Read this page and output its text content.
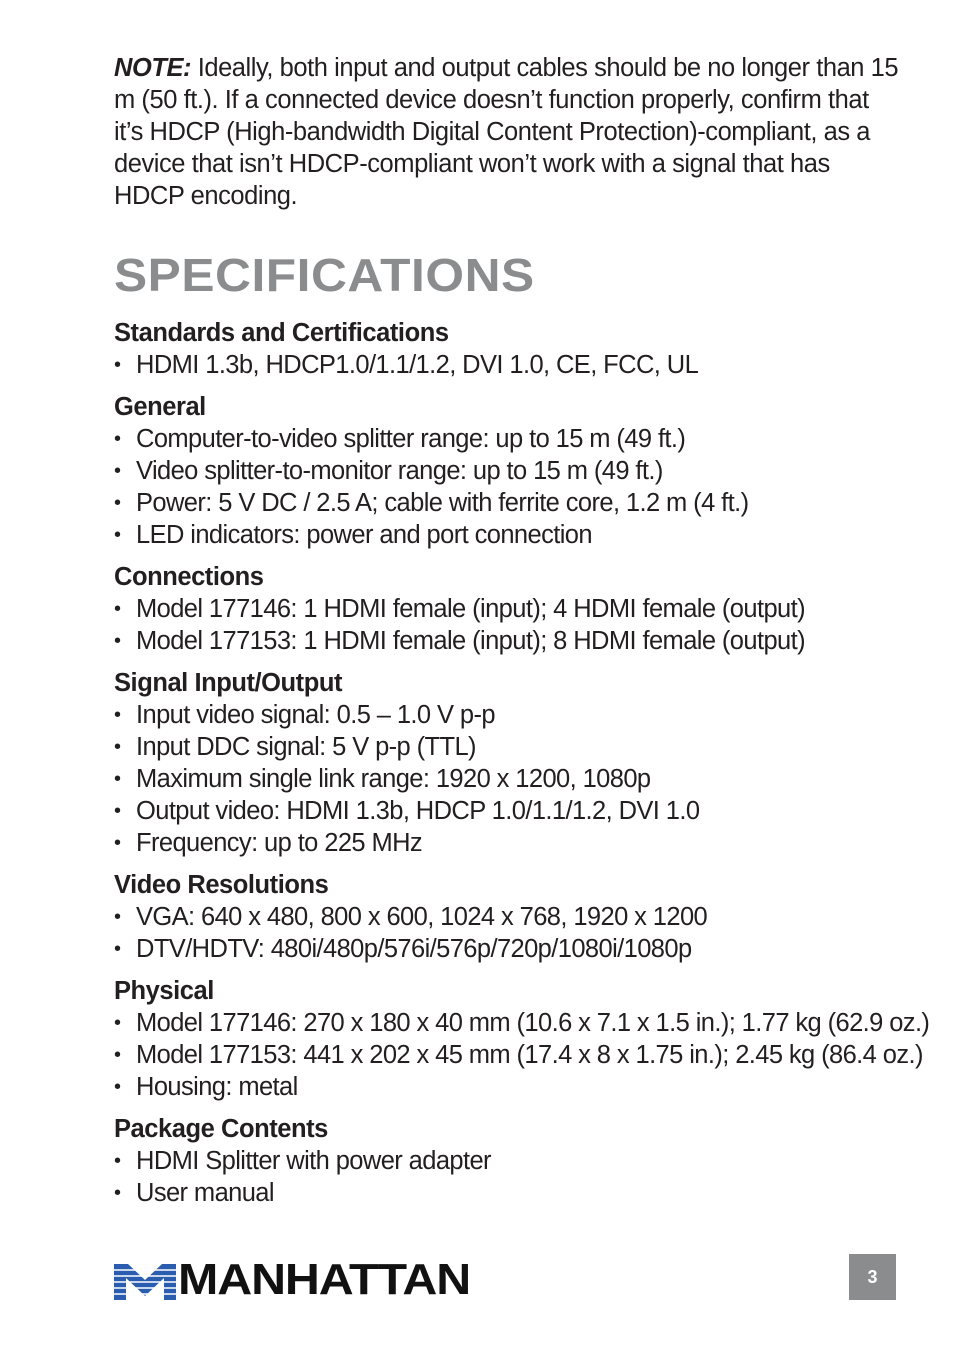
NOTE: Ideally, both input and output cables should be no longer than 15 m (50 ft.). If a connected device doesn’t function properly, confirm that it’s HDCP (High-bandwidth Digital Content Protection)-compliant, as a device that isn’t HDCP-compliant won’t work with a signal that has HDCP encoding.

SPECIFICATIONS
Standards and Certifications
• HDMI 1.3b, HDCP1.0/1.1/1.2, DVI 1.0, CE, FCC, UL
General
• Computer-to-video splitter range: up to 15 m (49 ft.)
• Video splitter-to-monitor range: up to 15 m (49 ft.)
• Power: 5 V DC / 2.5 A; cable with ferrite core, 1.2 m (4 ft.)
• LED indicators: power and port connection
Connections
• Model 177146: 1 HDMI female (input); 4 HDMI female (output)
• Model 177153: 1 HDMI female (input); 8 HDMI female (output)
Signal Input/Output
• Input video signal: 0.5 – 1.0 V p-p
• Input DDC signal: 5 V p-p (TTL)
• Maximum single link range: 1920 x 1200, 1080p
• Output video: HDMI 1.3b, HDCP 1.0/1.1/1.2, DVI 1.0
• Frequency: up to 225 MHz
Video Resolutions
• VGA: 640 x 480, 800 x 600, 1024 x 768, 1920 x 1200
• DTV/HDTV: 480i/480p/576i/576p/720p/1080i/1080p
Physical
• Model 177146: 270 x 180 x 40 mm (10.6 x 7.1 x 1.5 in.); 1.77 kg (62.9 oz.)
• Model 177153: 441 x 202 x 45 mm (17.4 x 8 x 1.75 in.); 2.45 kg (86.4 oz.)
• Housing: metal
Package Contents
• HDMI Splitter with power adapter
• User manual
MANHATTAN	3
